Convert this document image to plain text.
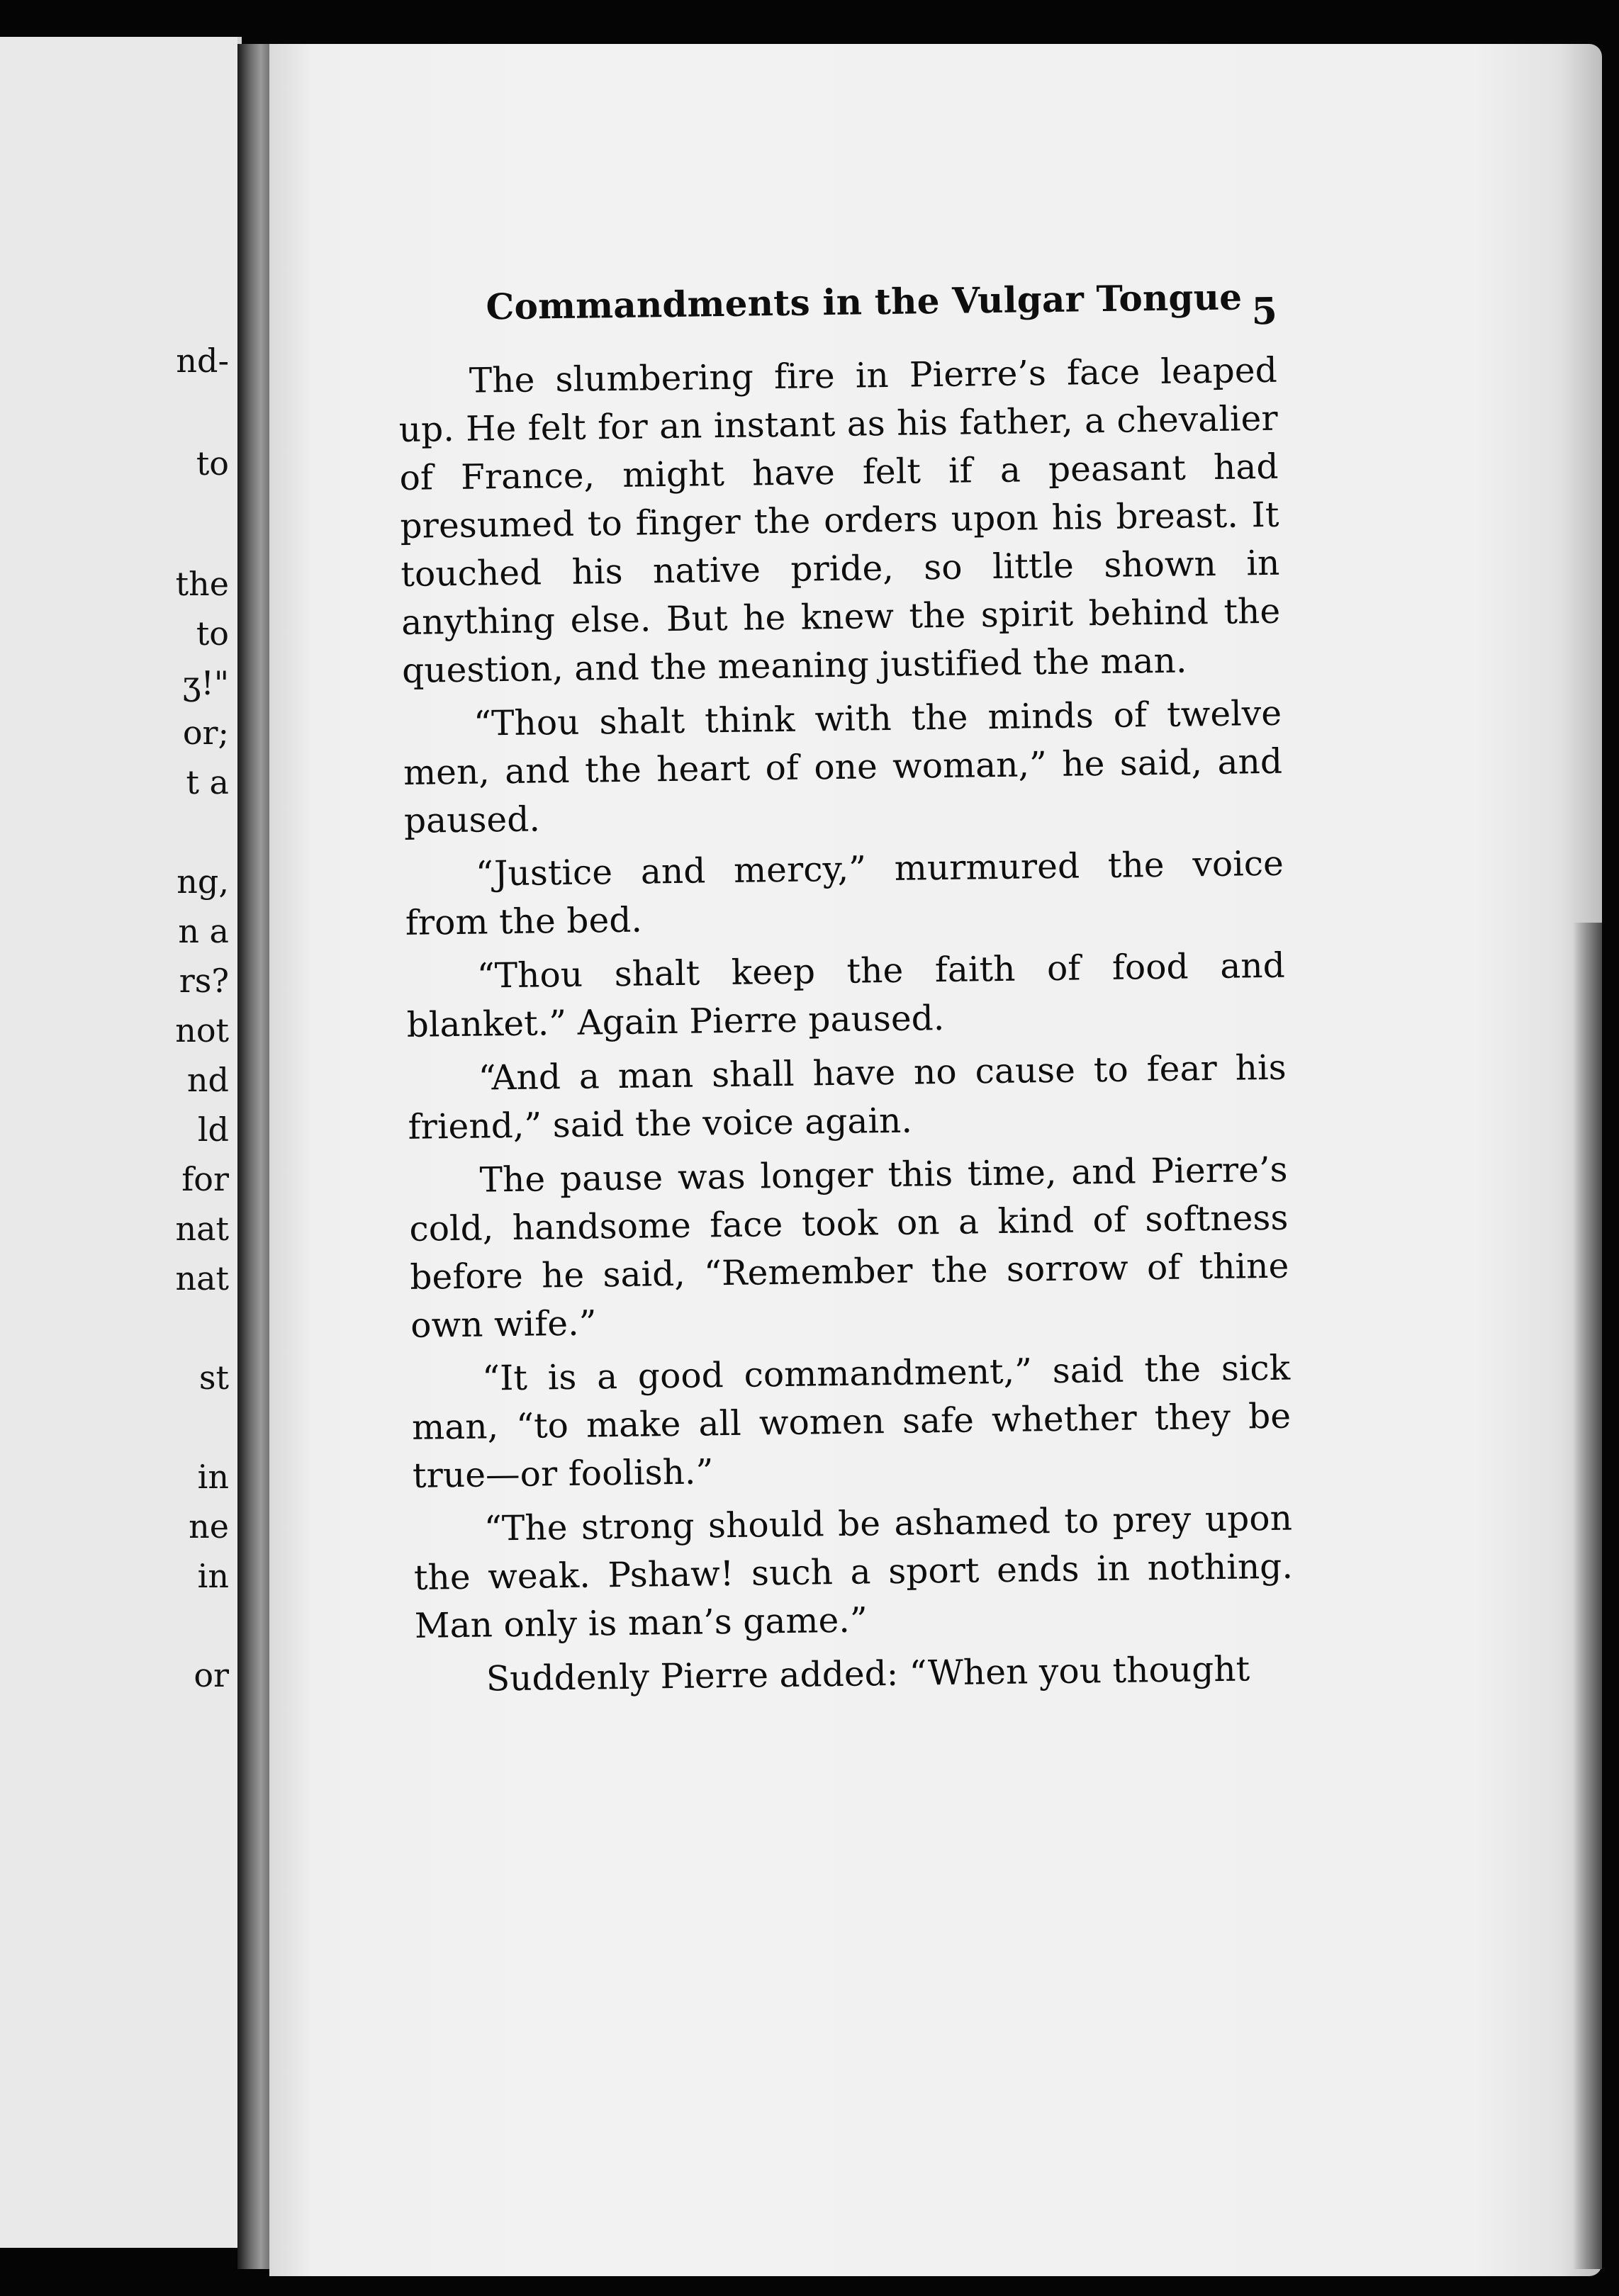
nd-
to
the
to
ʒ!"
or;
t a
ng,
n a
rs?
not
nd
ld
for
nat
nat
st
in
ne
in
or
Commandments in the Vulgar Tongue 5

The slumbering fire in Pierre’s face leaped up. He felt for an instant as his father, a chevalier of France, might have felt if a peasant had presumed to finger the orders upon his breast. It touched his native pride, so little shown in anything else. But he knew the spirit behind the question, and the meaning justified the man.

“Thou shalt think with the minds of twelve men, and the heart of one woman,” he said, and paused.

“Justice and mercy,” murmured the voice from the bed.

“Thou shalt keep the faith of food and blanket.” Again Pierre paused.

“And a man shall have no cause to fear his friend,” said the voice again.

The pause was longer this time, and Pierre’s cold, handsome face took on a kind of softness before he said, “Remember the sorrow of thine own wife.”

“It is a good commandment,” said the sick man, “to make all women safe whether they be true—or foolish.”

“The strong should be ashamed to prey upon the weak. Pshaw! such a sport ends in nothing. Man only is man’s game.”

Suddenly Pierre added: “When you thought
